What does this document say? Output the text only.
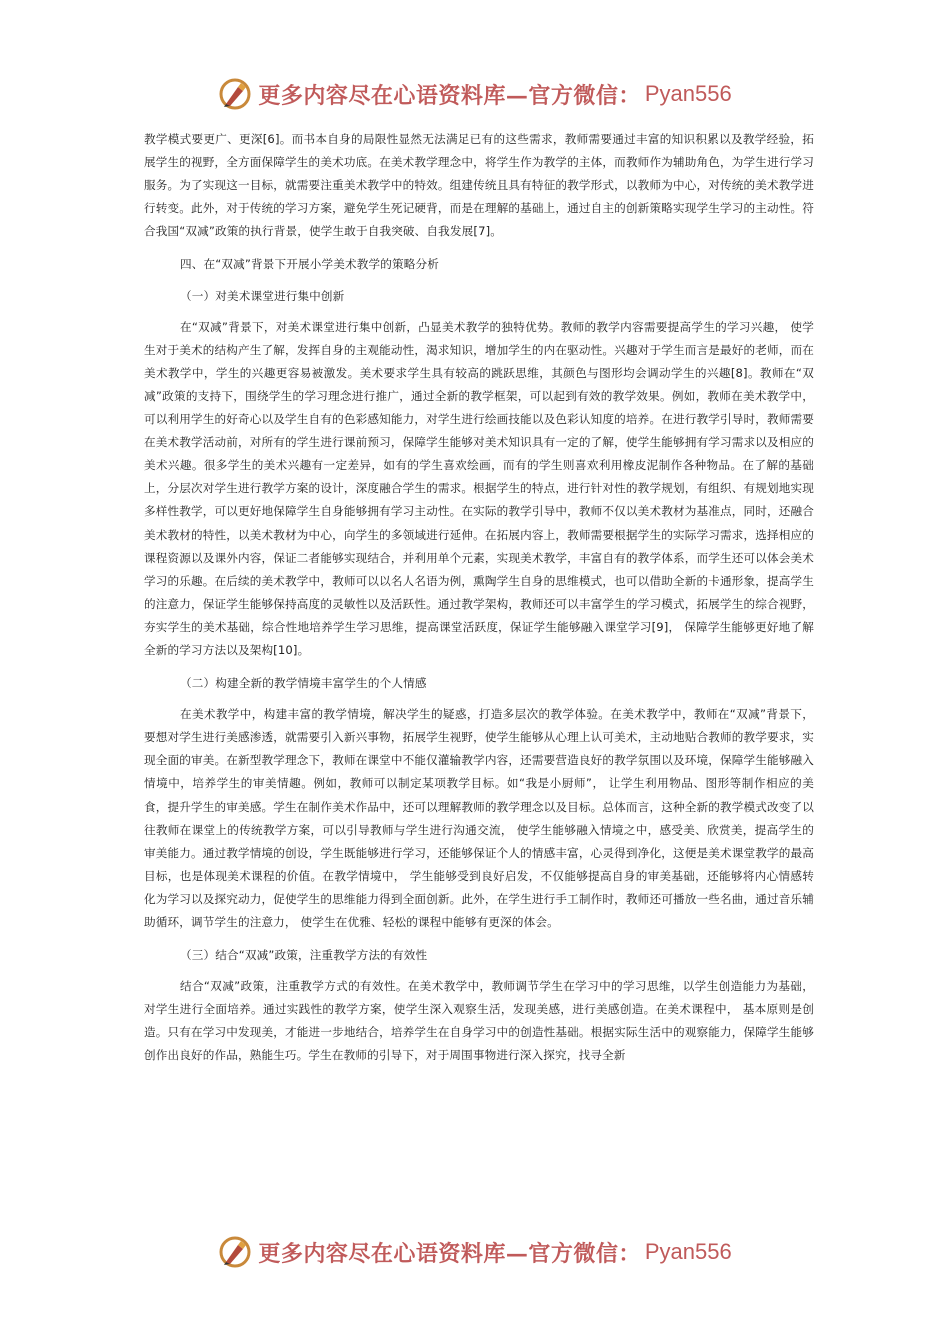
更多内容尽在心语资料库—官方微信： Pyan556

教学模式要更广、更深[6]。而书本自身的局限性显然无法满足已有的这些需求，教师需要通过丰富的知识积累以及教学经验，拓展学生的视野，全方面保障学生的美术功底。在美术教学理念中，将学生作为教学的主体，而教师作为辅助角色，为学生进行学习服务。为了实现这一目标，就需要注重美术教学中的特效。组建传统且具有特征的教学形式，以教师为中心，对传统的美术教学进行转变。此外，对于传统的学习方案，避免学生死记硬背，而是在理解的基础上，通过自主的创新策略实现学生学习的主动性。符合我国“双减”政策的执行背景，使学生敢于自我突破、自我发展[7]。

四、在“双减”背景下开展小学美术教学的策略分析
（一）对美术课堂进行集中创新

在“双减”背景下，对美术课堂进行集中创新，凸显美术教学的独特优势。教师的教学内容需要提高学生的学习兴趣， 使学生对于美术的结构产生了解，发挥自身的主观能动性，渴求知识，增加学生的内在驱动性。兴趣对于学生而言是最好的老师，而在美术教学中，学生的兴趣更容易被激发。美术要求学生具有较高的跳跃思维，其颜色与图形均会调动学生的兴趣[8]。教师在“双减”政策的支持下，围绕学生的学习理念进行推广，通过全新的教学框架，可以起到有效的教学效果。例如，教师在美术教学中，可以利用学生的好奇心以及学生自有的色彩感知能力，对学生进行绘画技能以及色彩认知度的培养。在进行教学引导时，教师需要在美术教学活动前，对所有的学生进行课前预习，保障学生能够对美术知识具有一定的了解，使学生能够拥有学习需求以及相应的美术兴趣。很多学生的美术兴趣有一定差异，如有的学生喜欢绘画，而有的学生则喜欢利用橡皮泥制作各种物品。在了解的基础上，分层次对学生进行教学方案的设计，深度融合学生的需求。根据学生的特点，进行针对性的教学规划，有组织、有规划地实现多样性教学，可以更好地保障学生自身能够拥有学习主动性。在实际的教学引导中，教师不仅以美术教材为基准点，同时，还融合美术教材的特性，以美术教材为中心，向学生的多领域进行延伸。在拓展内容上，教师需要根据学生的实际学习需求，选择相应的课程资源以及课外内容，保证二者能够实现结合，并利用单个元素，实现美术教学，丰富自有的教学体系，而学生还可以体会美术学习的乐趣。在后续的美术教学中，教师可以以名人名语为例，熏陶学生自身的思维模式，也可以借助全新的卡通形象，提高学生的注意力，保证学生能够保持高度的灵敏性以及活跃性。通过教学架构，教师还可以丰富学生的学习模式，拓展学生的综合视野，夯实学生的美术基础，综合性地培养学生学习思维，提高课堂活跃度，保证学生能够融入课堂学习[9]， 保障学生能够更好地了解全新的学习方法以及架构[10]。

（二）构建全新的教学情境丰富学生的个人情感

在美术教学中，构建丰富的教学情境，解决学生的疑惑，打造多层次的教学体验。在美术教学中，教师在“双减”背景下，要想对学生进行美感渗透，就需要引入新兴事物，拓展学生视野，使学生能够从心理上认可美术，主动地贴合教师的教学要求，实现全面的审美。在新型教学理念下，教师在课堂中不能仅灌输教学内容，还需要营造良好的教学氛围以及环境，保障学生能够融入情境中，培养学生的审美情趣。例如，教师可以制定某项教学目标。如“我是小厨师”， 让学生利用物品、图形等制作相应的美食，提升学生的审美感。学生在制作美术作品中，还可以理解教师的教学理念以及目标。总体而言，这种全新的教学模式改变了以往教师在课堂上的传统教学方案，可以引导教师与学生进行沟通交流， 使学生能够融入情境之中，感受美、欣赏美，提高学生的审美能力。通过教学情境的创设，学生既能够进行学习，还能够保证个人的情感丰富，心灵得到净化，这便是美术课堂教学的最高目标，也是体现美术课程的价值。在教学情境中， 学生能够受到良好启发，不仅能够提高自身的审美基础，还能够将内心情感转化为学习以及探究动力，促使学生的思维能力得到全面创新。此外，在学生进行手工制作时，教师还可播放一些名曲，通过音乐辅助循环，调节学生的注意力， 使学生在优雅、轻松的课程中能够有更深的体会。

（三）结合“双减”政策，注重教学方法的有效性

结合“双减”政策，注重教学方式的有效性。在美术教学中，教师调节学生在学习中的学习思维，以学生创造能力为基础，对学生进行全面培养。通过实践性的教学方案，使学生深入观察生活，发现美感，进行美感创造。在美术课程中， 基本原则是创造。只有在学习中发现美，才能进一步地结合，培养学生在自身学习中的创造性基础。根据实际生活中的观察能力，保障学生能够创作出良好的作品，熟能生巧。学生在教师的引导下，对于周围事物进行深入探究，找寻全新

更多内容尽在心语资料库—官方微信： Pyan556
